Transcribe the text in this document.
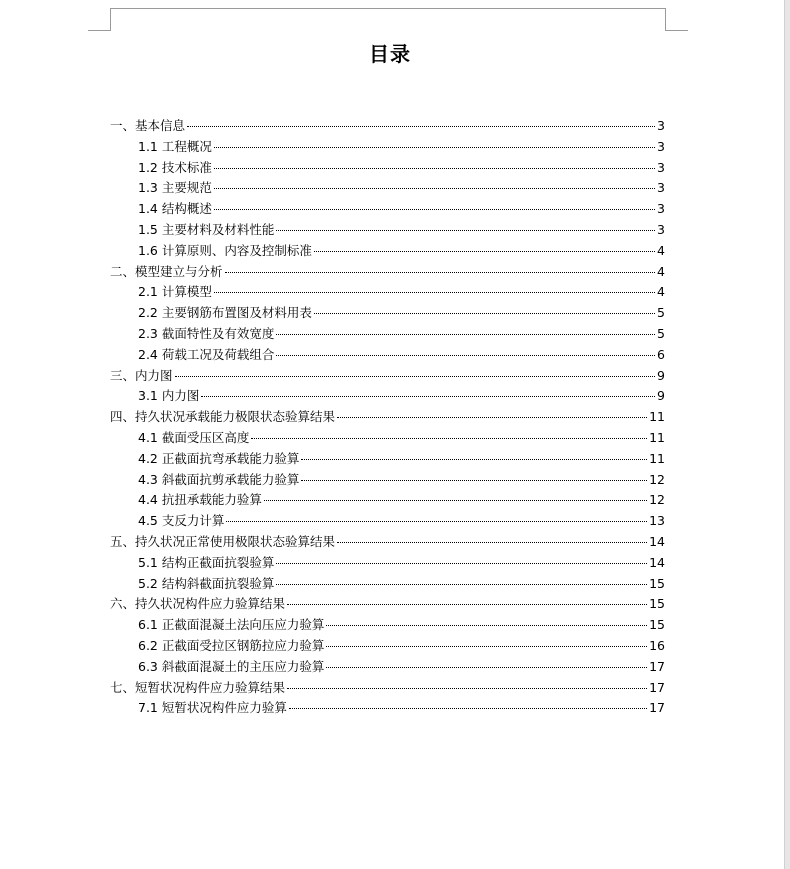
目录
一、基本信息	3
1.1 工程概况	3
1.2 技术标准	3
1.3 主要规范	3
1.4 结构概述	3
1.5 主要材料及材料性能	3
1.6 计算原则、内容及控制标准	4
二、模型建立与分析	4
2.1 计算模型	4
2.2 主要钢筋布置图及材料用表	5
2.3 截面特性及有效宽度	5
2.4 荷载工况及荷载组合	6
三、内力图	9
3.1 内力图	9
四、持久状况承载能力极限状态验算结果	11
4.1 截面受压区高度	11
4.2 正截面抗弯承载能力验算	11
4.3 斜截面抗剪承载能力验算	12
4.4 抗扭承载能力验算	12
4.5 支反力计算	13
五、持久状况正常使用极限状态验算结果	14
5.1 结构正截面抗裂验算	14
5.2 结构斜截面抗裂验算	15
六、持久状况构件应力验算结果	15
6.1 正截面混凝土法向压应力验算	15
6.2 正截面受拉区钢筋拉应力验算	16
6.3 斜截面混凝土的主压应力验算	17
七、短暂状况构件应力验算结果	17
7.1 短暂状况构件应力验算	17
